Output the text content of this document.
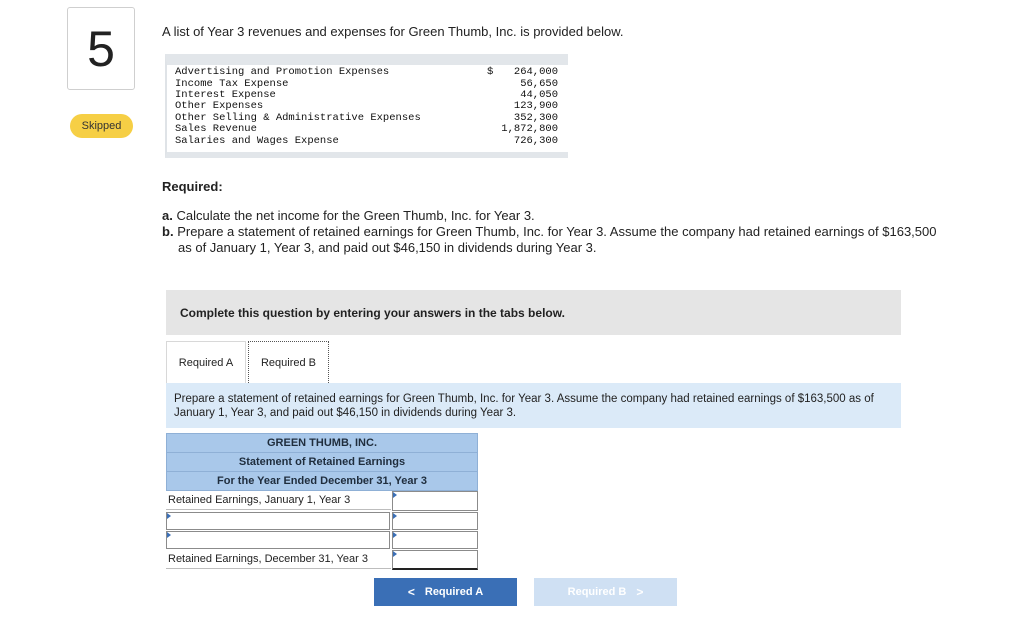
5
Skipped
A list of Year 3 revenues and expenses for Green Thumb, Inc. is provided below.
Advertising and Promotion Expenses	$ 264,000
Income Tax Expense	56,650
Interest Expense	44,050
Other Expenses	123,900
Other Selling & Administrative Expenses	352,300
Sales Revenue	1,872,800
Salaries and Wages Expense	726,300
Required:
a. Calculate the net income for the Green Thumb, Inc. for Year 3.
b. Prepare a statement of retained earnings for Green Thumb, Inc. for Year 3. Assume the company had retained earnings of $163,500
as of January 1, Year 3, and paid out $46,150 in dividends during Year 3.
Complete this question by entering your answers in the tabs below.
Required A	Required B
Prepare a statement of retained earnings for Green Thumb, Inc. for Year 3. Assume the company had retained earnings of $163,500 as of January 1, Year 3, and paid out $46,150 in dividends during Year 3.
GREEN THUMB, INC.
Statement of Retained Earnings
For the Year Ended December 31, Year 3
Retained Earnings, January 1, Year 3
Retained Earnings, December 31, Year 3
< Required A	Required B >
